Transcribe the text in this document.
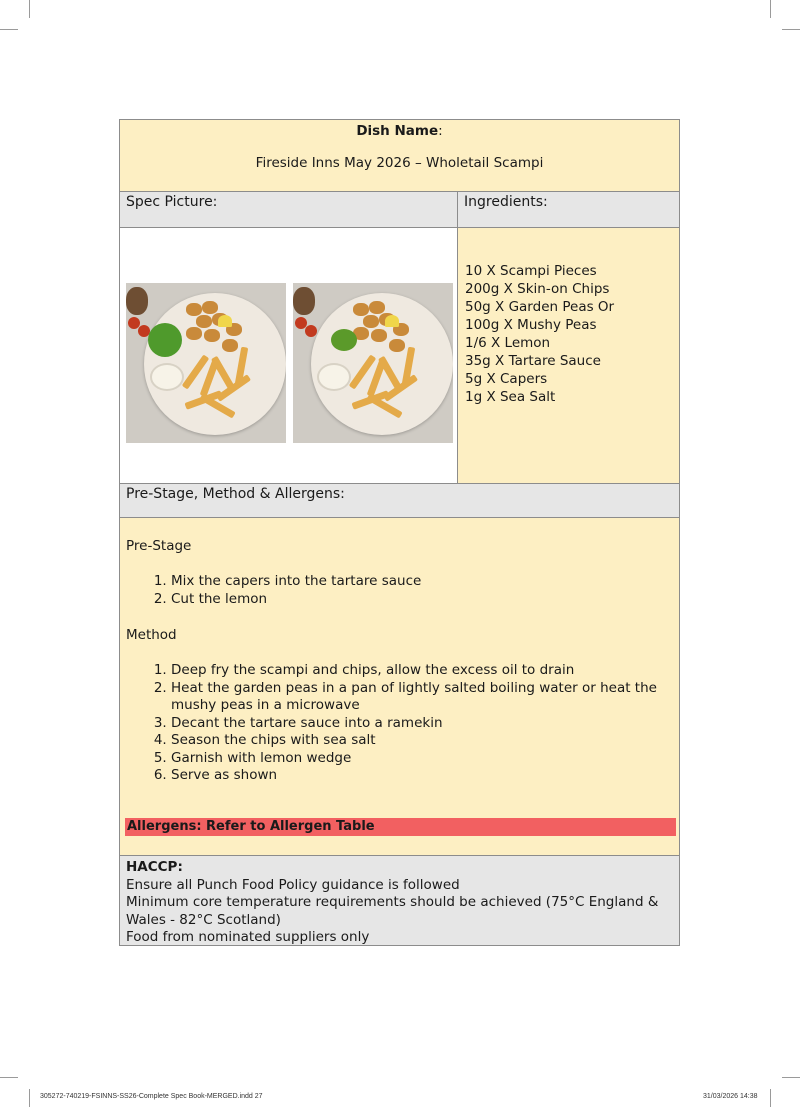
Dish Name:
Fireside Inns May 2026 – Wholetail Scampi
Spec Picture:	Ingredients:
10 X Scampi Pieces
200g X Skin-on Chips
50g X Garden Peas Or
100g X Mushy Peas
1/6 X Lemon
35g X Tartare Sauce
5g X Capers
1g X Sea Salt
Pre-Stage, Method & Allergens:

Pre-Stage

1. Mix the capers into the tartare sauce
2. Cut the lemon

Method

1. Deep fry the scampi and chips, allow the excess oil to drain
2. Heat the garden peas in a pan of lightly salted boiling water or heat the mushy peas in a microwave
3. Decant the tartare sauce into a ramekin
4. Season the chips with sea salt
5. Garnish with lemon wedge
6. Serve as shown
Allergens: Refer to Allergen Table
HACCP:
Ensure all Punch Food Policy guidance is followed
Minimum core temperature requirements should be achieved (75°C England & Wales - 82°C Scotland)
Food from nominated suppliers only
305272-740219-FSINNS-SS26-Complete Spec Book-MERGED.indd 27	31/03/2026 14:38
